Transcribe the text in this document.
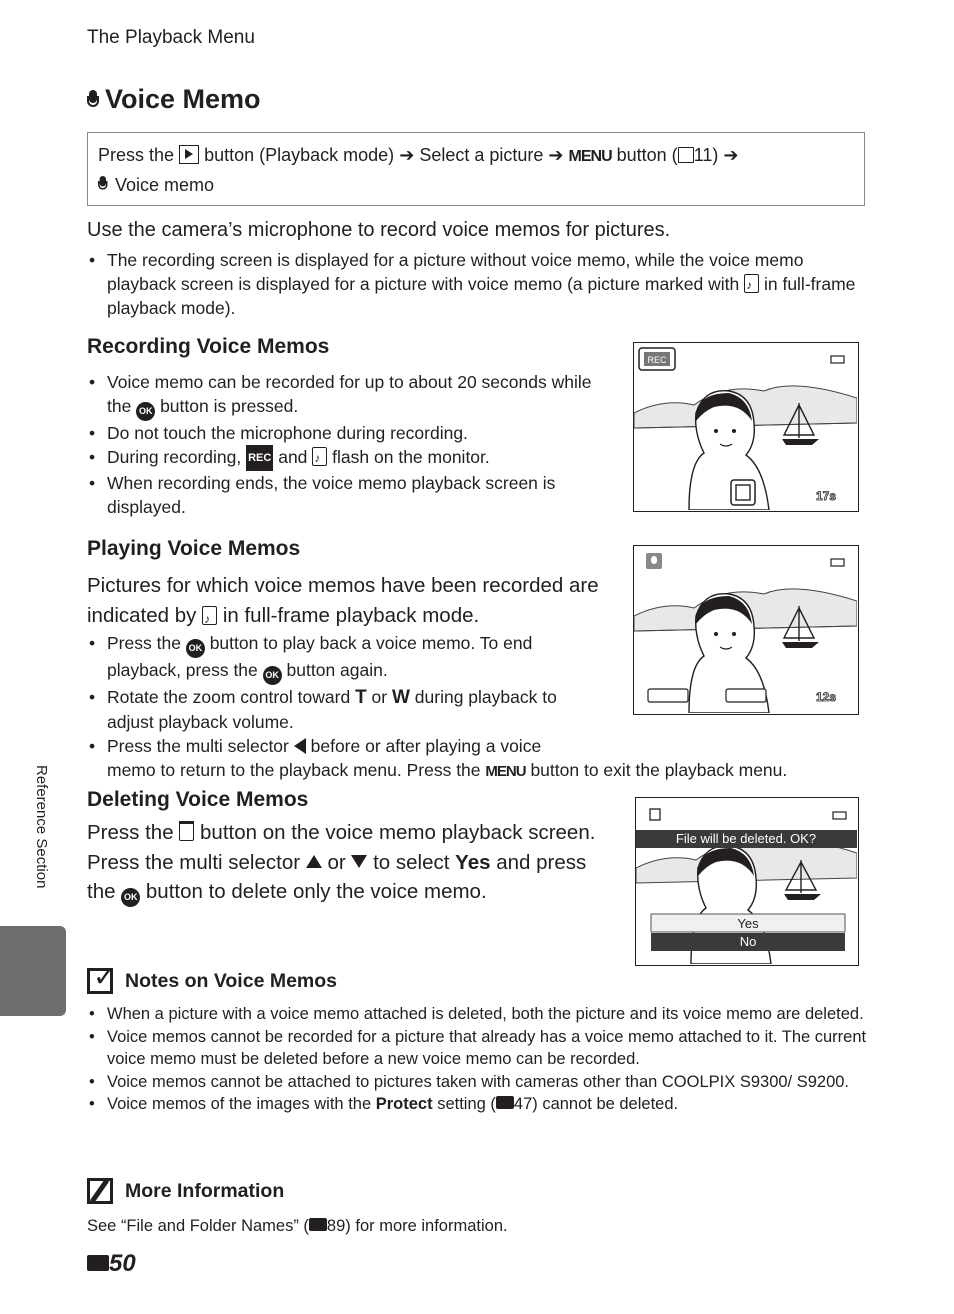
The Playback Menu
Voice Memo
Press the button (Playback mode) ➔ Select a picture ➔ MENU button ( 11) ➔
Voice memo
Use the camera’s microphone to record voice memos for pictures.
• The recording screen is displayed for a picture without voice memo, while the voice memo playback screen is displayed for a picture with voice memo (a picture marked with ♪ in full-frame playback mode).
Recording Voice Memos
• Voice memo can be recorded for up to about 20 seconds while the OK button is pressed.
• Do not touch the microphone during recording.
• During recording, REC and ♪ flash on the monitor.
• When recording ends, the voice memo playback screen is displayed.
REC
17s
Playing Voice Memos
Pictures for which voice memos have been recorded are
indicated by ♪ in full-frame playback mode.
• Press the OK button to play back a voice memo. To end playback, press the OK button again.
• Rotate the zoom control toward T or W during playback to adjust playback volume.
• Press the multi selector before or after playing a voice
memo to return to the playback menu. Press the MENU button to exit the playback menu.
12s
Deleting Voice Memos
Press the button on the voice memo playback screen.
Press the multi selector or to select Yes and press
the OK button to delete only the voice memo.
File will be deleted. OK?
Yes
No
✓ Notes on Voice Memos
• When a picture with a voice memo attached is deleted, both the picture and its voice memo are deleted.
• Voice memos cannot be recorded for a picture that already has a voice memo attached to it. The current voice memo must be deleted before a new voice memo can be recorded.
• Voice memos cannot be attached to pictures taken with cameras other than COOLPIX S9300/ S9200.
• Voice memos of the images with the Protect setting ( 47) cannot be deleted.
More Information
See “File and Folder Names” ( 89) for more information.
Reference Section
50
